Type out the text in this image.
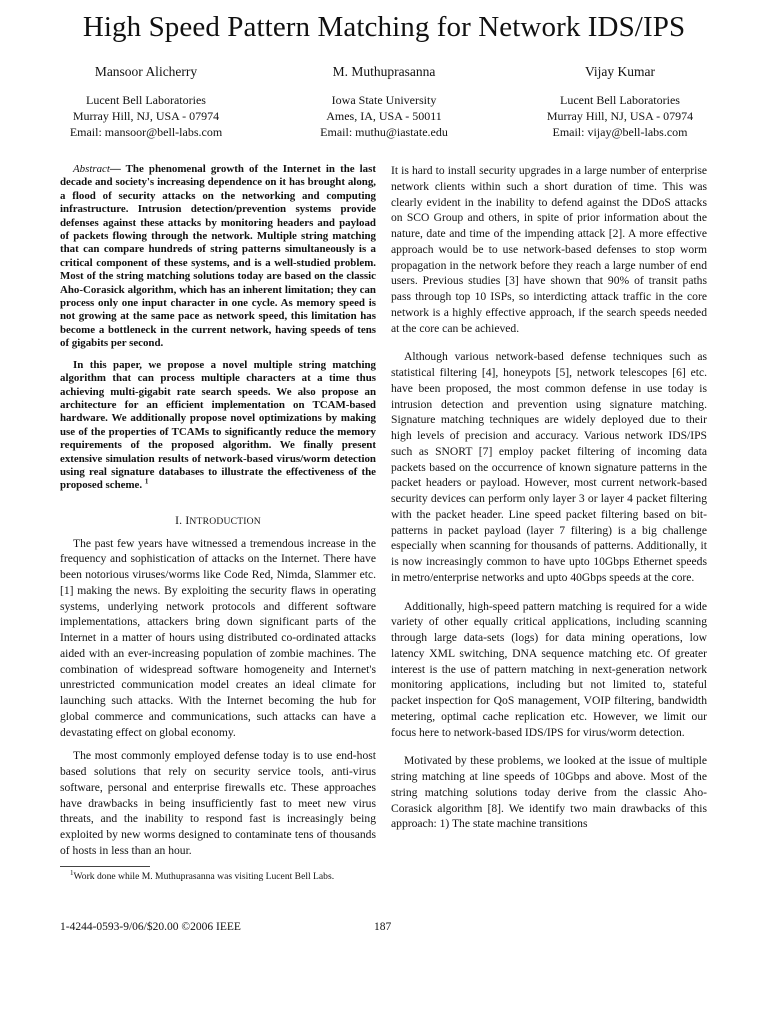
High Speed Pattern Matching for Network IDS/IPS
Mansoor Alicherry
Lucent Bell Laboratories
Murray Hill, NJ, USA - 07974
Email: mansoor@bell-labs.com
M. Muthuprasanna
Iowa State University
Ames, IA, USA - 50011
Email: muthu@iastate.edu
Vijay Kumar
Lucent Bell Laboratories
Murray Hill, NJ, USA - 07974
Email: vijay@bell-labs.com

Abstract— The phenomenal growth of the Internet in the last decade and society's increasing dependence on it has brought along, a flood of security attacks on the networking and computing infrastructure. Intrusion detection/prevention systems provide defenses against these attacks by monitoring headers and payload of packets flowing through the network. Multiple string matching that can compare hundreds of string patterns simultaneously is a critical component of these systems, and is a well-studied problem. Most of the string matching solutions today are based on the classic Aho-Corasick algorithm, which has an inherent limitation; they can process only one input character in one cycle. As memory speed is not growing at the same pace as network speed, this limitation has become a bottleneck in the current network, having speeds of tens of gigabits per second.

In this paper, we propose a novel multiple string matching algorithm that can process multiple characters at a time thus achieving multi-gigabit rate search speeds. We also propose an architecture for an efficient implementation on TCAM-based hardware. We additionally propose novel optimizations by making use of the properties of TCAMs to significantly reduce the memory requirements of the proposed algorithm. We finally present extensive simulation results of network-based virus/worm detection using real signature databases to illustrate the effectiveness of the proposed scheme. $^1$

I. INTRODUCTION

The past few years have witnessed a tremendous increase in the frequency and sophistication of attacks on the Internet. There have been notorious viruses/worms like Code Red, Nimda, Slammer etc. [1] making the news. By exploiting the security flaws in operating systems, underlying network protocols and different software implementations, attackers bring down significant parts of the Internet in a matter of hours using distributed co-ordinated attacks aided with an ever-increasing population of zombie machines. The combination of widespread software homogeneity and Internet's unrestricted communication model creates an ideal climate for launching such attacks. With the Internet becoming the hub for global commerce and communications, such attacks can have a devastating effect on global economy.

The most commonly employed defense today is to use end-host based solutions that rely on security service tools, anti-virus software, personal and enterprise firewalls etc. These approaches have drawbacks in being insufficiently fast to meet new virus threats, and the inability to respond fast is increasingly being exploited by new worms designed to contaminate tens of thousands of hosts in less than an hour.

$^1$Work done while M. Muthuprasanna was visiting Lucent Bell Labs.

It is hard to install security upgrades in a large number of enterprise network clients within such a short duration of time. This was clearly evident in the inability to defend against the DDoS attacks on SCO Group and others, in spite of prior information about the nature, date and time of the impending attack [2]. A more effective approach would be to use network-based defenses to stop worm propagation in the network before they reach a large number of end users. Previous studies [3] have shown that 90% of transit paths pass through top 10 ISPs, so interdicting attack traffic in the core network is a highly effective approach, if the search speeds needed at the core can be achieved.

Although various network-based defense techniques such as statistical filtering [4], honeypots [5], network telescopes [6] etc. have been proposed, the most common defense in use today is intrusion detection and prevention using signature matching. Signature matching techniques are widely deployed due to their high levels of precision and accuracy. Various network IDS/IPS such as SNORT [7] employ packet filtering of incoming data packets based on the occurrence of known signature patterns in the packet headers or payload. However, most current network-based security devices can perform only layer 3 or layer 4 packet filtering with the packet header. Line speed packet filtering based on bit-patterns in packet payload (layer 7 filtering) is a big challenge especially when scanning for thousands of patterns. Additionally, it is now increasingly common to have upto 10Gbps Ethernet speeds in metro/enterprise networks and upto 40Gbps speeds at the core.

Additionally, high-speed pattern matching is required for a wide variety of other equally critical applications, including scanning through large data-sets (logs) for data mining operations, low latency XML switching, DNA sequence matching etc. Of greater interest is the use of pattern matching in next-generation network monitoring applications, including but not limited to, stateful packet inspection for QoS management, VOIP filtering, bandwidth metering, optimal cache replication etc. However, we limit our focus here to network-based IDS/IPS for virus/worm detection.

Motivated by these problems, we looked at the issue of multiple string matching at line speeds of 10Gbps and above. Most of the string matching solutions today derive from the classic Aho-Corasick algorithm [8]. We identify two main drawbacks of this approach: 1) The state machine transitions

1-4244-0593-9/06/$20.00 ©2006 IEEE	187
